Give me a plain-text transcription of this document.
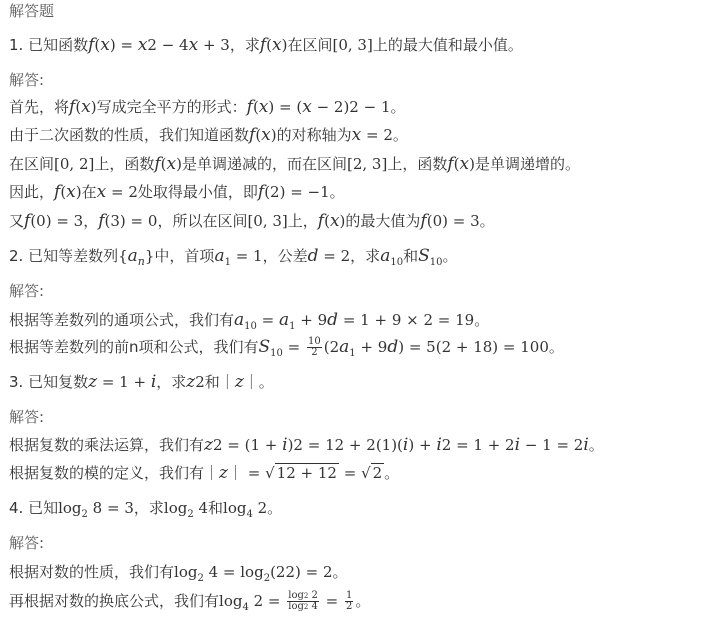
解答题
1. 已知函数f(x) = x2 − 4x + 3，求f(x)在区间[0, 3]上的最大值和最小值。
解答:
首先，将f(x)写成完全平方的形式：f(x) = (x − 2)2 − 1。
由于二次函数的性质，我们知道函数f(x)的对称轴为x = 2。
在区间[0, 2]上，函数f(x)是单调递减的，而在区间[2, 3]上，函数f(x)是单调递增的。
因此，f(x)在x = 2处取得最小值，即f(2) = −1。
又f(0) = 3，f(3) = 0，所以在区间[0, 3]上，f(x)的最大值为f(0) = 3。
2. 已知等差数列$\{a_n\}$中，首项$a_1 = 1$，公差d = 2，求$a_{10}$和$S_{10}$。
解答:
根据等差数列的通项公式，我们有$a_{10} = a_1 + 9d = 1 + 9 \times 2 = 19$。
根据等差数列的前n项和公式，我们有$S_{10} = \frac{10}{2} (2a_1 + 9d) = 5(2 + 18) = 100$。
3. 已知复数z = 1 + i，求z2和｜z｜。
解答:
根据复数的乘法运算，我们有z2 = (1 + i)2 = 12 + 2(1)(i) + i2 = 1 + 2i − 1 = 2i。
根据复数的模的定义，我们有｜z｜ = √ 12 + 12 = √ 2 。
4. 已知$\log_2 8 = 3$，求$\log_2 4$和$\log_4 2$。
解答:
根据对数的性质，我们有$\log_2 4 = \log_2(22) = 2$。
再根据对数的换底公式，我们有$\log_4 2 = \frac{\log 2 2}{\log 2 4} = \frac{1}{2}$ 。
